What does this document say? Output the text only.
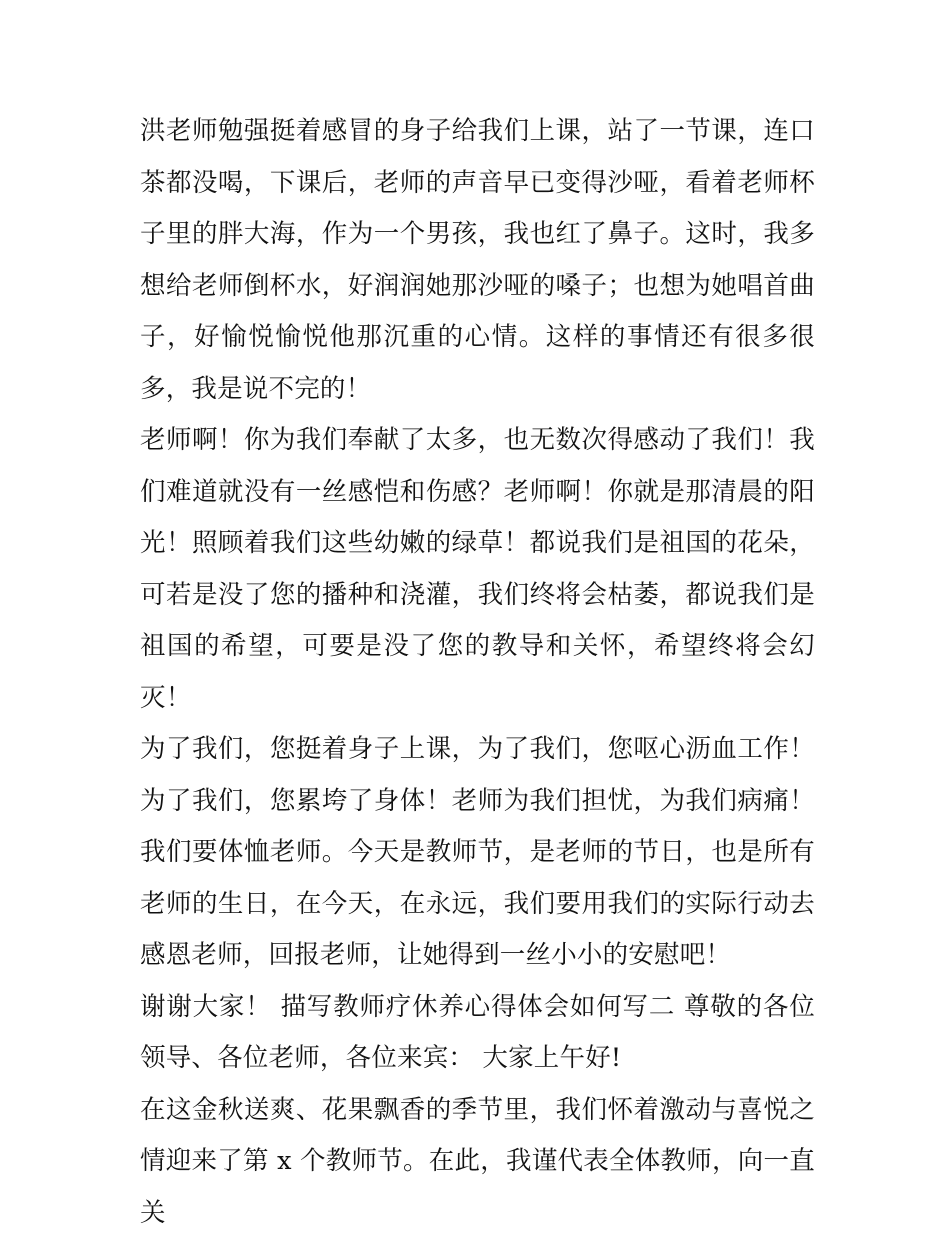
洪老师勉强挺着感冒的身子给我们上课，站了一节课，连口茶都没喝，下课后，老师的声音早已变得沙哑，看着老师杯子里的胖大海，作为一个男孩，我也红了鼻子。这时，我多想给老师倒杯水，好润润她那沙哑的嗓子；也想为她唱首曲子，好愉悦愉悦他那沉重的心情。这样的事情还有很多很多，我是说不完的！

老师啊！你为我们奉献了太多，也无数次得感动了我们！我们难道就没有一丝感恺和伤感？老师啊！你就是那清晨的阳光！照顾着我们这些幼嫩的绿草！都说我们是祖国的花朵，可若是没了您的播种和浇灌，我们终将会枯萎，都说我们是祖国的希望，可要是没了您的教导和关怀，希望终将会幻灭！

为了我们，您挺着身子上课，为了我们，您呕心沥血工作！为了我们，您累垮了身体！老师为我们担忧，为我们病痛！我们要体恤老师。今天是教师节，是老师的节日，也是所有老师的生日，在今天，在永远，我们要用我们的实际行动去感恩老师，回报老师，让她得到一丝小小的安慰吧！

谢谢大家！ 描写教师疗休养心得体会如何写二 尊敬的各位领导、各位老师，各位来宾： 大家上午好!

在这金秋送爽、花果飘香的季节里，我们怀着激动与喜悦之情迎来了第 x 个教师节。在此，我谨代表全体教师，向一直关
